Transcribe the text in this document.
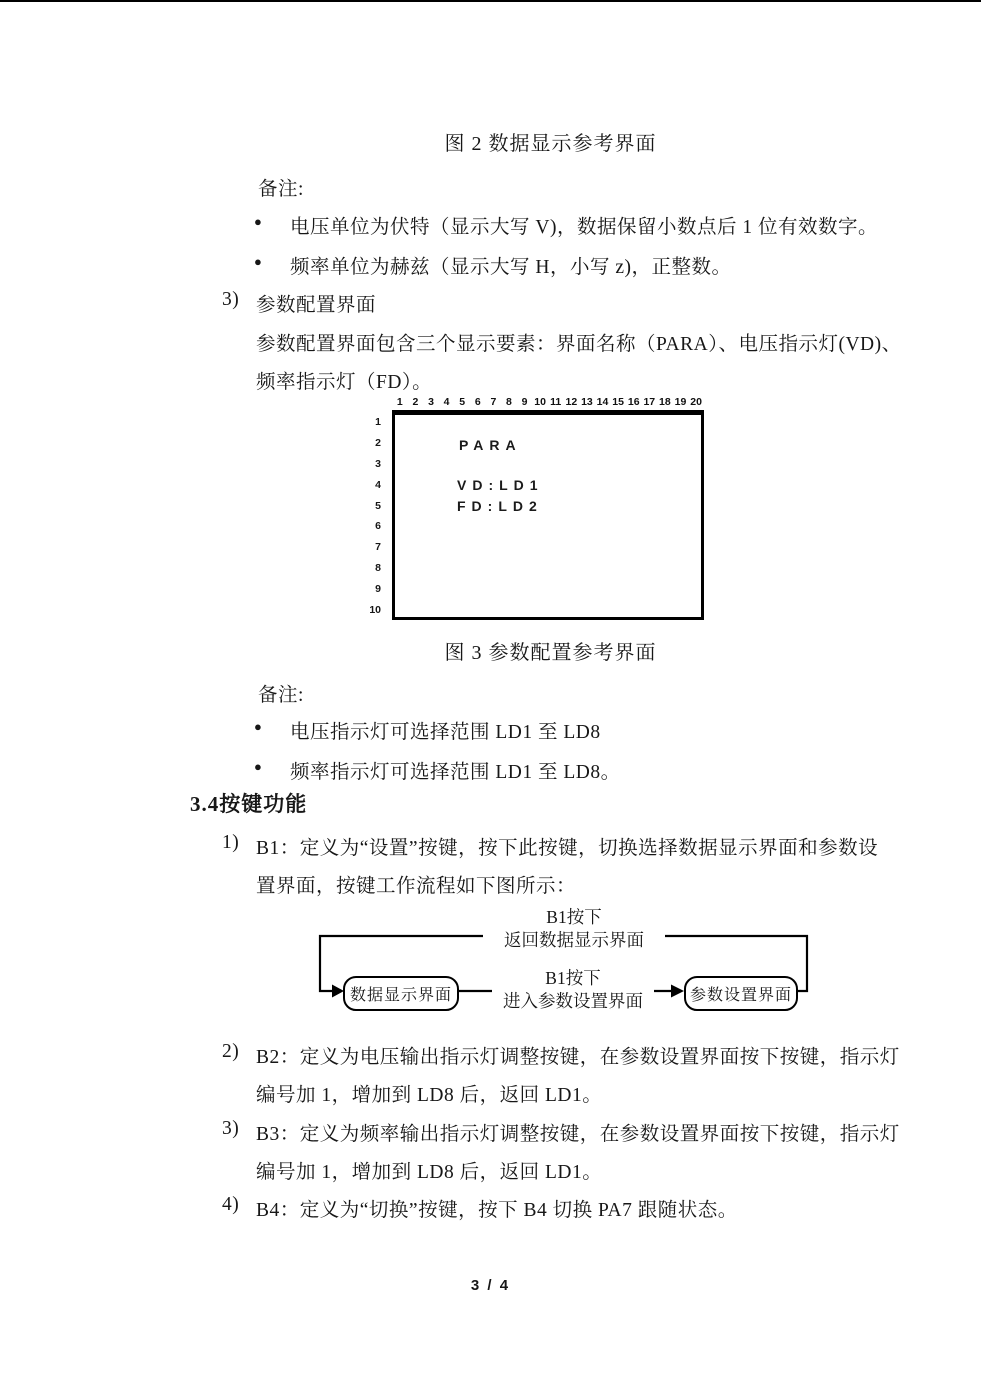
图 2 数据显示参考界面
备注:
● 电压单位为伏特（显示大写 V)，数据保留小数点后 1 位有效数字。
● 频率单位为赫兹（显示大写 H，小写 z)，正整数。
3) 参数配置界面
参数配置界面包含三个显示要素：界面名称（PARA）、电压指示灯(VD)、
频率指示灯（FD）。
1 2 3 4 5 6 7 8 9 10 11 12 13 14 15 16 17 18 19 20
1
2
3
4
5
6
7
8
9
10
PARA
VD:LD1
FD:LD2
图 3 参数配置参考界面
备注:
● 电压指示灯可选择范围 LD1 至 LD8
● 频率指示灯可选择范围 LD1 至 LD8。
3.4按键功能
1) B1：定义为“设置”按键，按下此按键，切换选择数据显示界面和参数设
置界面，按键工作流程如下图所示：
B1按下
返回数据显示界面
B1按下
进入参数设置界面
数据显示界面	参数设置界面
2) B2：定义为电压输出指示灯调整按键，在参数设置界面按下按键，指示灯
编号加 1，增加到 LD8 后，返回 LD1。
3) B3：定义为频率输出指示灯调整按键，在参数设置界面按下按键，指示灯
编号加 1，增加到 LD8 后，返回 LD1。
4) B4：定义为“切换”按键，按下 B4 切换 PA7 跟随状态。
3 / 4
